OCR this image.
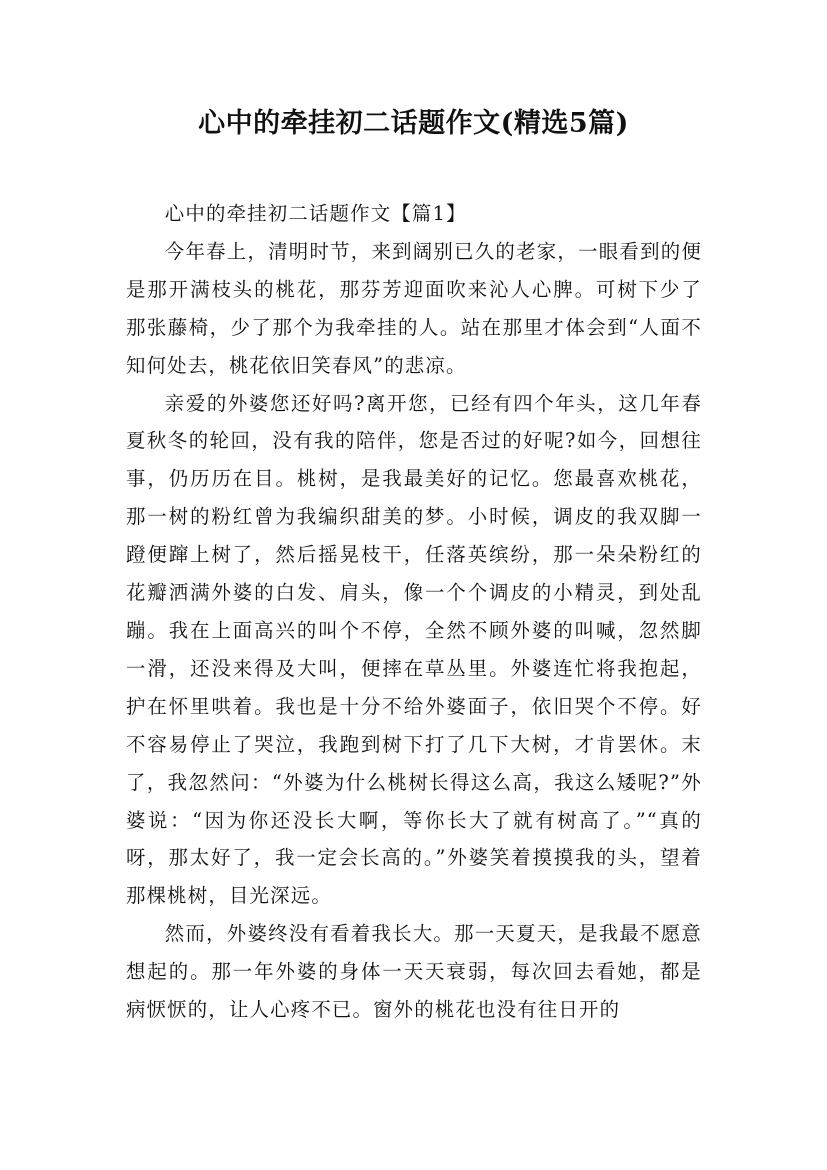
心中的牵挂初二话题作文(精选5篇)

心中的牵挂初二话题作文【篇1】

今年春上，清明时节，来到阔别已久的老家，一眼看到的便是那开满枝头的桃花，那芬芳迎面吹来沁人心脾。可树下少了那张藤椅，少了那个为我牵挂的人。站在那里才体会到“人面不知何处去，桃花依旧笑春风”的悲凉。

亲爱的外婆您还好吗?离开您，已经有四个年头，这几年春夏秋冬的轮回，没有我的陪伴，您是否过的好呢?如今，回想往事，仍历历在目。桃树，是我最美好的记忆。您最喜欢桃花，那一树的粉红曾为我编织甜美的梦。小时候，调皮的我双脚一蹬便蹿上树了，然后摇晃枝干，任落英缤纷，那一朵朵粉红的花瓣洒满外婆的白发、肩头，像一个个调皮的小精灵，到处乱蹦。我在上面高兴的叫个不停，全然不顾外婆的叫喊，忽然脚一滑，还没来得及大叫，便摔在草丛里。外婆连忙将我抱起，护在怀里哄着。我也是十分不给外婆面子，依旧哭个不停。好不容易停止了哭泣，我跑到树下打了几下大树，才肯罢休。末了，我忽然问：“外婆为什么桃树长得这么高，我这么矮呢?”外婆说：“因为你还没长大啊，等你长大了就有树高了。”“真的呀，那太好了，我一定会长高的。”外婆笑着摸摸我的头，望着那棵桃树，目光深远。

然而，外婆终没有看着我长大。那一天夏天，是我最不愿意想起的。那一年外婆的身体一天天衰弱，每次回去看她，都是病恹恹的，让人心疼不已。窗外的桃花也没有往日开的
